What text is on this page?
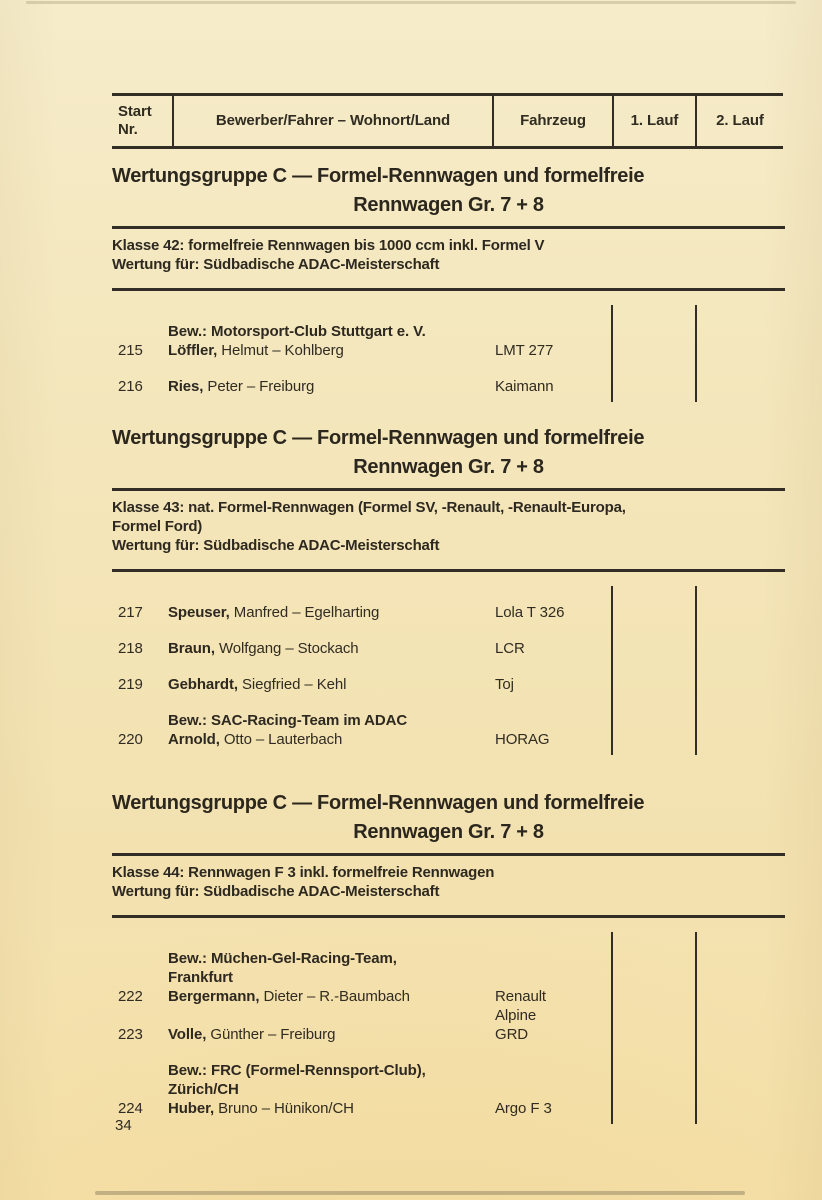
Start
Nr.
Bewerber/Fahrer – Wohnort/Land	Fahrzeug	1. Lauf	2. Lauf
Wertungsgruppe C — Formel-Rennwagen und formelfreie
Rennwagen Gr. 7 + 8
Klasse 42: formelfreie Rennwagen bis 1000 ccm inkl. Formel V
Wertung für: Südbadische ADAC-Meisterschaft
Bew.: Motorsport-Club Stuttgart e. V.
215	Löffler, Helmut – Kohlberg	LMT 277
216	Ries, Peter – Freiburg	Kaimann
Wertungsgruppe C — Formel-Rennwagen und formelfreie
Rennwagen Gr. 7 + 8
Klasse 43: nat. Formel-Rennwagen (Formel SV, -Renault, -Renault-Europa,
Formel Ford)
Wertung für: Südbadische ADAC-Meisterschaft
217	Speuser, Manfred – Egelharting	Lola T 326
218	Braun, Wolfgang – Stockach	LCR
219	Gebhardt, Siegfried – Kehl	Toj
Bew.: SAC-Racing-Team im ADAC
220	Arnold, Otto – Lauterbach	HORAG
Wertungsgruppe C — Formel-Rennwagen und formelfreie
Rennwagen Gr. 7 + 8
Klasse 44: Rennwagen F 3 inkl. formelfreie Rennwagen
Wertung für: Südbadische ADAC-Meisterschaft
Bew.: Müchen-Gel-Racing-Team,
Frankfurt
222	Bergermann, Dieter – R.-Baumbach	Renault
Alpine
223	Volle, Günther – Freiburg	GRD
Bew.: FRC (Formel-Rennsport-Club),
Zürich/CH
224	Huber, Bruno – Hünikon/CH	Argo F 3
34
